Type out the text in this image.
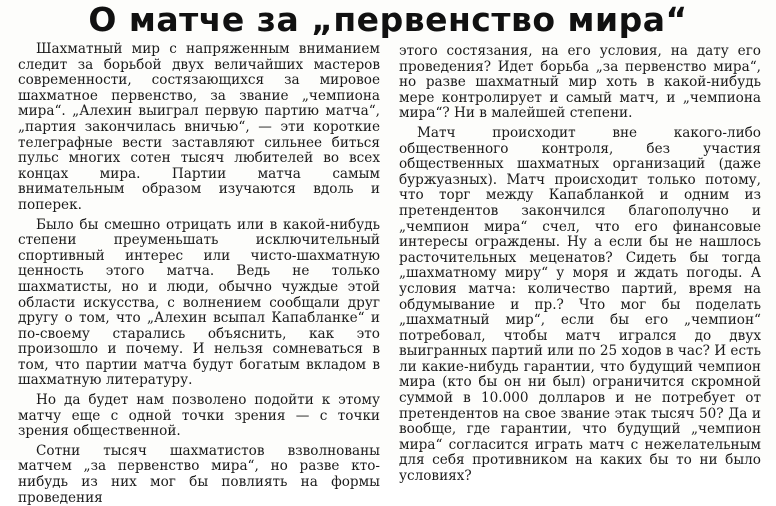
О матче за „первенство мира“

Шахматный мир с напряженным вниманием следит за борьбой двух величайших мастеров современности, состязающихся за мировое шахматное первенство, за звание „чемпиона мира“. „Алехин выиграл первую партию матча“, „партия закончилась вничью“, — эти короткие телеграфные вести заставляют сильнее биться пульс многих сотен тысяч любителей во всех концах мира. Партии матча самым внимательным образом изучаются вдоль и поперек.

Было бы смешно отрицать или в какой-нибудь степени преуменьшать исключительный спортивный интерес или чисто-шахматную ценность этого матча. Ведь не только шахматисты, но и люди, обычно чуждые этой области искусства, с волнением сообщали друг другу о том, что „Алехин всыпал Капабланке“ и по-своему старались объяснить, как это произошло и почему. И нельзя сомневаться в том, что партии матча будут богатым вкладом в шахматную литературу.

Но да будет нам позволено подойти к этому матчу еще с одной точки зрения — с точки зрения общественной.

Сотни тысяч шахматистов взволнованы матчем „за первенство мира“, но разве кто-нибудь из них мог бы повлиять на формы проведения

этого состязания, на его условия, на дату его проведения? Идет борьба „за первенство мира“, но разве шахматный мир хоть в какой-нибудь мере контролирует и самый матч, и „чемпиона мира“? Ни в малейшей степени.

Матч происходит вне какого-либо общественного контроля, без участия общественных шахматных организаций (даже буржуазных). Матч происходит только потому, что торг между Капабланкой и одним из претендентов закончился благополучно и „чемпион мира“ счел, что его финансовые интересы ограждены. Ну а если бы не нашлось расточительных меценатов? Сидеть бы тогда „шахматному миру“ у моря и ждать погоды. А условия матча: количество партий, время на обдумывание и пр.? Что мог бы поделать „шахматный мир“, если бы его „чемпион“ потребовал, чтобы матч игрался до двух выигранных партий или по 25 ходов в час? И есть ли какие-нибудь гарантии, что будущий чемпион мира (кто бы он ни был) ограничится скромной суммой в 10.000 долларов и не потребует от претендентов на свое звание этак тысяч 50? Да и вообще, где гарантии, что будущий „чемпион мира“ согласится играть матч с нежелательным для себя противником на каких бы то ни было условиях?
